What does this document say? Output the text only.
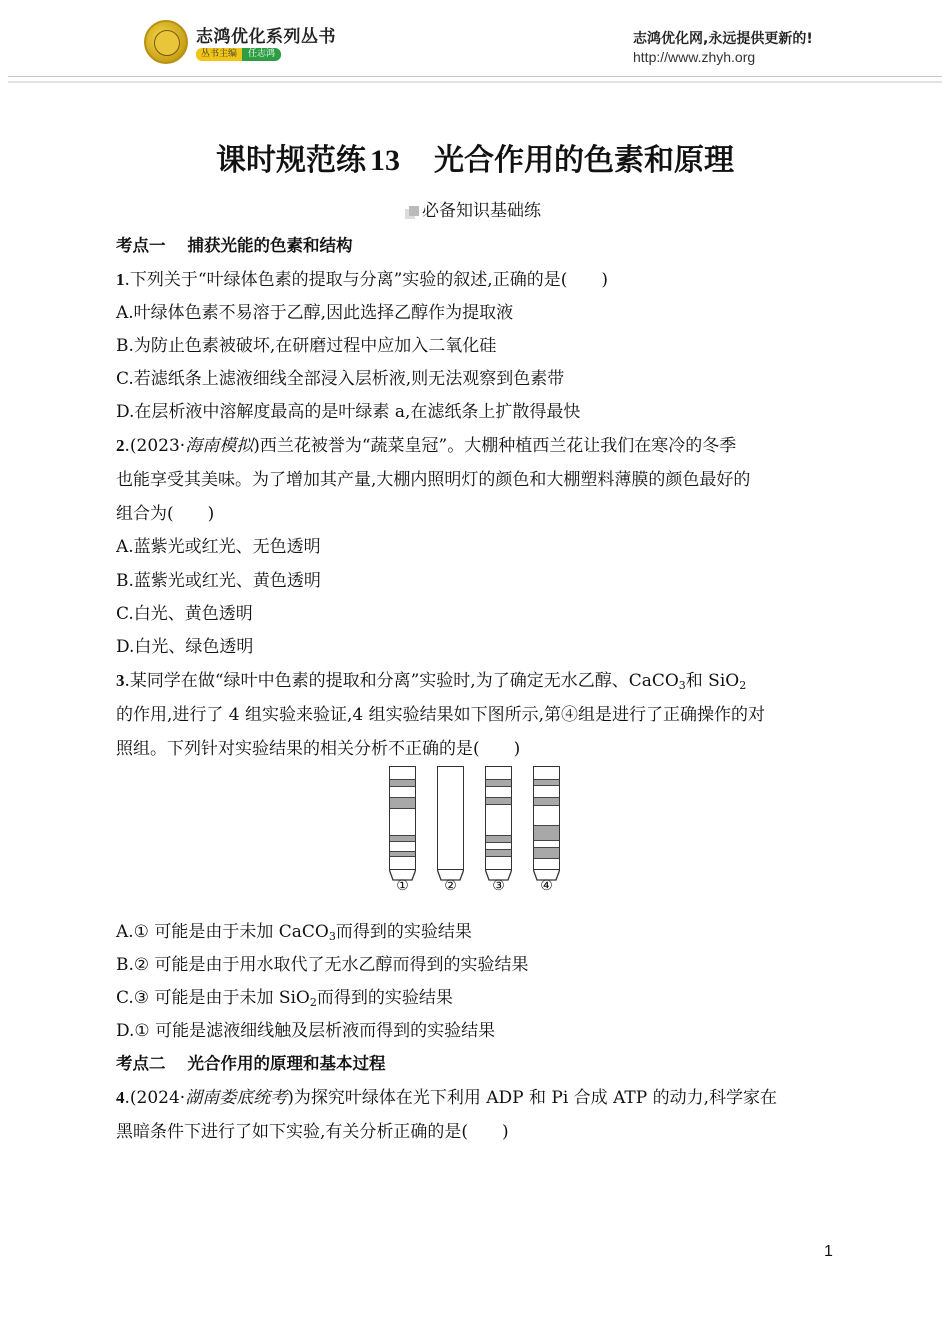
志鸿优化系列丛书
丛书主编	任志鸿
志鸿优化网,永远提供更新的!
http://www.zhyh.org
课时规范练 13 光合作用的色素和原理
必备知识基础练
考点一 捕获光能的色素和结构
1.下列关于“叶绿体色素的提取与分离”实验的叙述,正确的是( )
A.叶绿体色素不易溶于乙醇,因此选择乙醇作为提取液
B.为防止色素被破坏,在研磨过程中应加入二氧化硅
C.若滤纸条上滤液细线全部浸入层析液,则无法观察到色素带
D.在层析液中溶解度最高的是叶绿素 a,在滤纸条上扩散得最快
2.(2023·海南模拟)西兰花被誉为“蔬菜皇冠”。大棚种植西兰花让我们在寒冷的冬季
也能享受其美味。为了增加其产量,大棚内照明灯的颜色和大棚塑料薄膜的颜色最好的
组合为( )
A.蓝紫光或红光、无色透明
B.蓝紫光或红光、黄色透明
C.白光、黄色透明
D.白光、绿色透明
3.某同学在做“绿叶中色素的提取和分离”实验时,为了确定无水乙醇、CaCO$_3$和 SiO$_2$
的作用,进行了 4 组实验来验证,4 组实验结果如下图所示,第④组是进行了正确操作的对
照组。下列针对实验结果的相关分析不正确的是( )
①	②	③	④
A.① 可能是由于未加 CaCO$_3$而得到的实验结果
B.② 可能是由于用水取代了无水乙醇而得到的实验结果
C.③ 可能是由于未加 SiO$_2$而得到的实验结果
D.① 可能是滤液细线触及层析液而得到的实验结果
考点二 光合作用的原理和基本过程
4.(2024·湖南娄底统考)为探究叶绿体在光下利用 ADP 和 Pi 合成 ATP 的动力,科学家在
黑暗条件下进行了如下实验,有关分析正确的是( )
1
